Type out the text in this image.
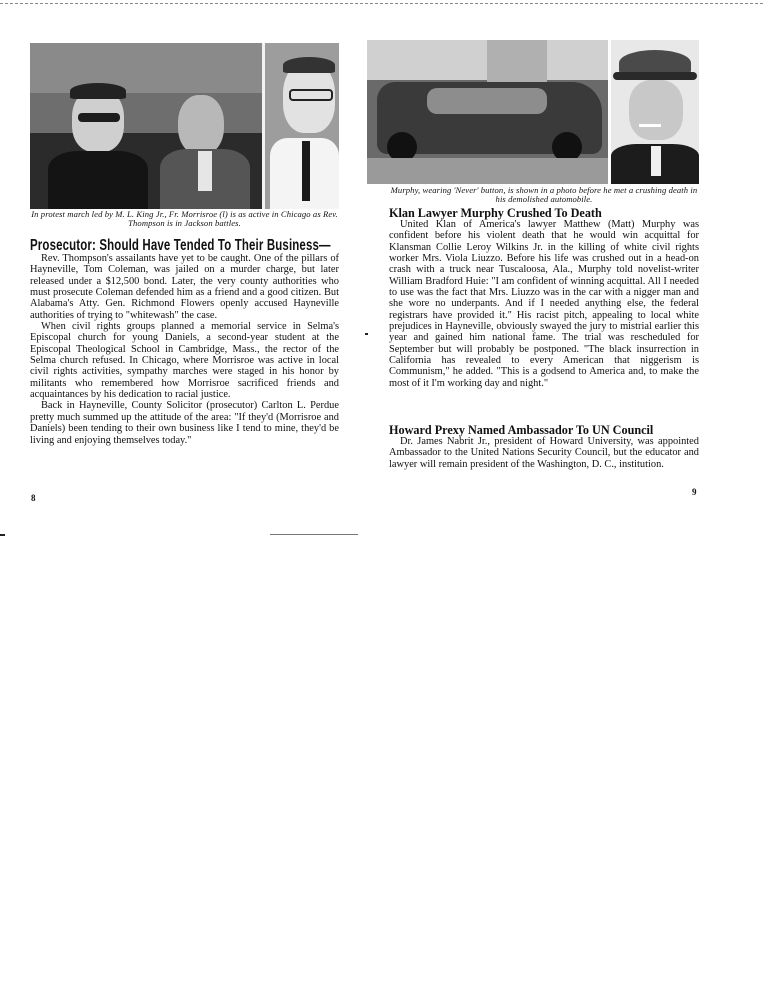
In protest march led by M. L. King Jr., Fr. Morrisroe (l) is as active in Chicago as Rev. Thompson is in Jackson battles.
Prosecutor: Should Have Tended To Their Business—

Rev. Thompson's assailants have yet to be caught. One of the pillars of Hayneville, Tom Coleman, was jailed on a murder charge, but later released under a $12,500 bond. Later, the very county authorities who must prosecute Coleman defended him as a friend and a good citizen. But Alabama's Atty. Gen. Richmond Flowers openly accused Hayneville authorities of trying to "whitewash" the case.

When civil rights groups planned a memorial service in Selma's Episcopal church for young Daniels, a second-year student at the Episcopal Theological School in Cambridge, Mass., the rector of the Selma church refused. In Chicago, where Morrisroe was active in local civil rights activities, sympathy marches were staged in his honor by militants who remembered how Morrisroe sacrificed friends and acquaintances by his dedication to racial justice.

Back in Hayneville, County Solicitor (prosecutor) Carlton L. Perdue pretty much summed up the attitude of the area: "If they'd (Morrisroe and Daniels) been tending to their own business like I tend to mine, they'd be living and enjoying themselves today."

8
Murphy, wearing 'Never' button, is shown in a photo before he met a crushing death in his demolished automobile.
Klan Lawyer Murphy Crushed To Death

United Klan of America's lawyer Matthew (Matt) Murphy was confident before his violent death that he would win acquittal for Klansman Collie Leroy Wilkins Jr. in the killing of white civil rights worker Mrs. Viola Liuzzo. Before his life was crushed out in a head-on crash with a truck near Tuscaloosa, Ala., Murphy told novelist-writer William Bradford Huie: "I am confident of winning acquittal. All I needed to use was the fact that Mrs. Liuzzo was in the car with a nigger man and she wore no underpants. And if I needed anything else, the federal registrars have provided it." His racist pitch, appealing to local white prejudices in Hayneville, obviously swayed the jury to mistrial earlier this year and gained him national fame. The trial was rescheduled for September but will probably be postponed. "The black insurrection in California has revealed to every American that niggerism is Communism," he added. "This is a godsend to America and, to make the most of it I'm working day and night."

Howard Prexy Named Ambassador To UN Council

Dr. James Nabrit Jr., president of Howard University, was appointed Ambassador to the United Nations Security Council, but the educator and lawyer will remain president of the Washington, D. C., institution.

9
